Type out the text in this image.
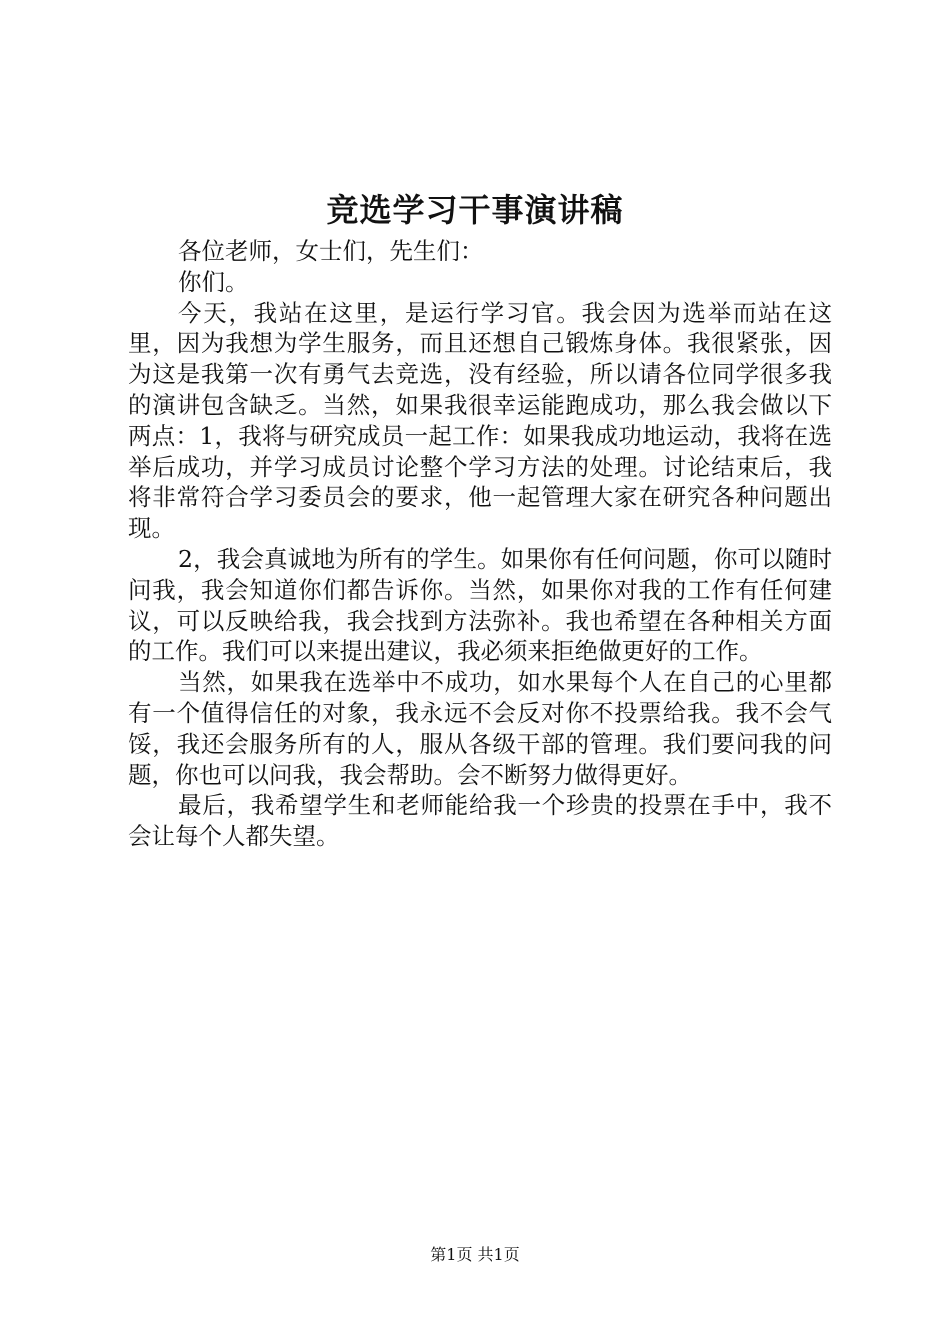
竞选学习干事演讲稿

各位老师，女士们，先生们：

你们。

今天，我站在这里，是运行学习官。我会因为选举而站在这里，因为我想为学生服务，而且还想自己锻炼身体。我很紧张，因为这是我第一次有勇气去竞选，没有经验，所以请各位同学很多我的演讲包含缺乏。当然，如果我很幸运能跑成功，那么我会做以下两点：1，我将与研究成员一起工作：如果我成功地运动，我将在选举后成功，并学习成员讨论整个学习方法的处理。讨论结束后，我将非常符合学习委员会的要求，他一起管理大家在研究各种问题出现。

2，我会真诚地为所有的学生。如果你有任何问题，你可以随时问我，我会知道你们都告诉你。当然，如果你对我的工作有任何建议，可以反映给我，我会找到方法弥补。我也希望在各种相关方面的工作。我们可以来提出建议，我必须来拒绝做更好的工作。

当然，如果我在选举中不成功，如水果每个人在自己的心里都有一个值得信任的对象，我永远不会反对你不投票给我。我不会气馁，我还会服务所有的人，服从各级干部的管理。我们要问我的问题，你也可以问我，我会帮助。会不断努力做得更好。

最后，我希望学生和老师能给我一个珍贵的投票在手中，我不会让每个人都失望。

第1页 共1页
